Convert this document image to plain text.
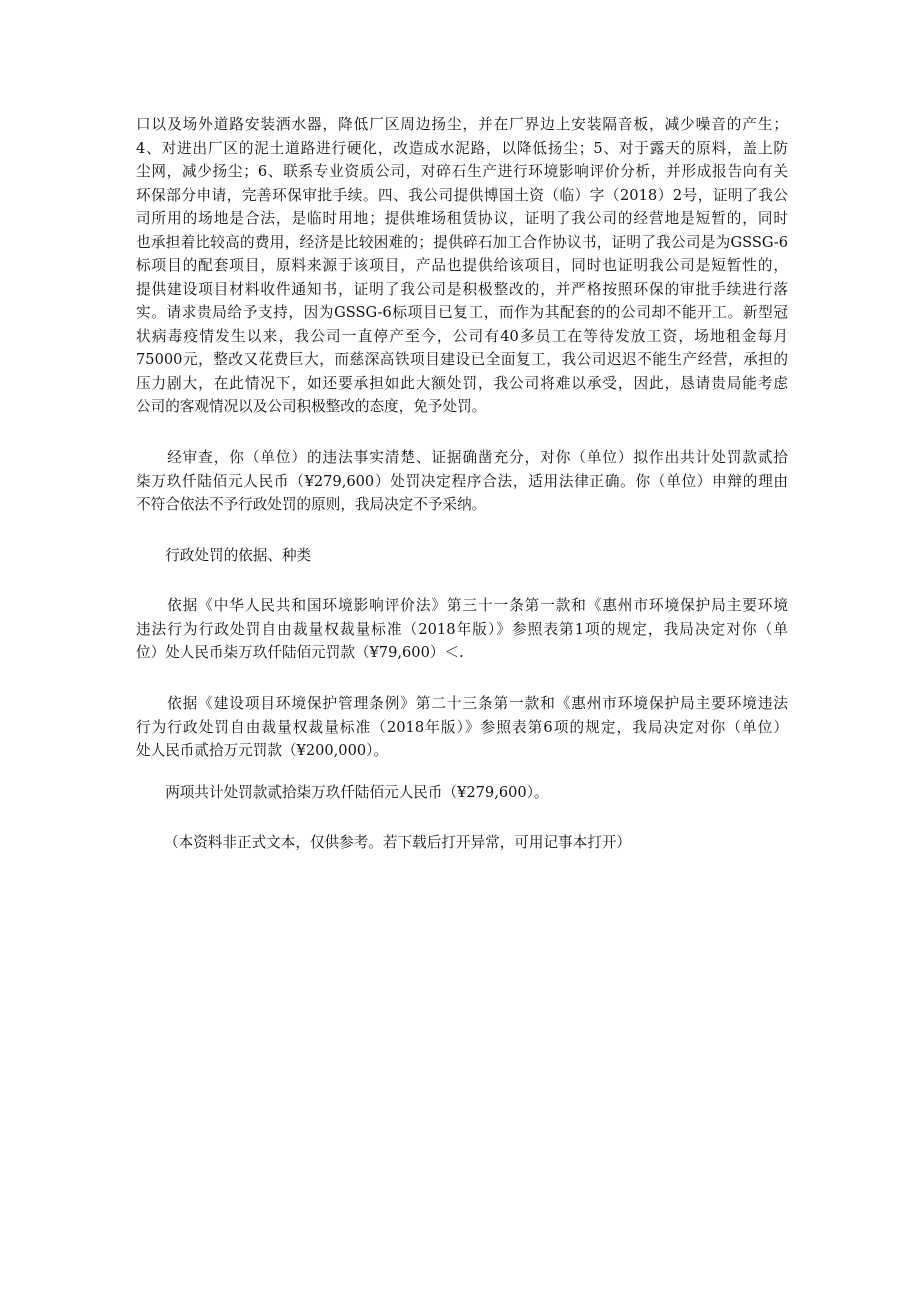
口以及场外道路安装洒水器，降低厂区周边扬尘，并在厂界边上安装隔音板，减少噪音的产生；
4、对进出厂区的泥土道路进行硬化，改造成水泥路，以降低扬尘；5、对于露天的原料，盖上防
尘网，减少扬尘；6、联系专业资质公司，对碎石生产进行环境影响评价分析，并形成报告向有关
环保部分申请，完善环保审批手续。四、我公司提供博国土资（临）字（2018）2号，证明了我公
司所用的场地是合法，是临时用地；提供堆场租赁协议，证明了我公司的经营地是短暂的，同时
也承担着比较高的费用，经济是比较困难的；提供碎石加工合作协议书，证明了我公司是为GSSG-6
标项目的配套项目，原料来源于该项目，产品也提供给该项目，同时也证明我公司是短暂性的，
提供建设项目材料收件通知书，证明了我公司是积极整改的，并严格按照环保的审批手续进行落
实。请求贵局给予支持，因为GSSG-6标项目已复工，而作为其配套的的公司却不能开工。新型冠
状病毒疫情发生以来，我公司一直停产至今，公司有40多员工在等待发放工资，场地租金每月
75000元，整改又花费巨大，而慈深高铁项目建设已全面复工，我公司迟迟不能生产经营，承担的
压力剧大，在此情况下，如还要承担如此大额处罚，我公司将难以承受，因此，恳请贵局能考虑
公司的客观情况以及公司积极整改的态度，免予处罚。
　　经审查，你（单位）的违法事实清楚、证据确凿充分，对你（单位）拟作出共计处罚款贰拾
柒万玖仟陆佰元人民币（¥279,600）处罚决定程序合法，适用法律正确。你（单位）申辩的理由
不符合依法不予行政处罚的原则，我局决定不予采纳。
　　行政处罚的依据、种类
　　依据《中华人民共和国环境影响评价法》第三十一条第一款和《惠州市环境保护局主要环境
违法行为行政处罚自由裁量权裁量标准（2018年版）》参照表第1项的规定，我局决定对你（单
位）处人民币柒万玖仟陆佰元罚款（¥79,600）＜.
　　依据《建设项目环境保护管理条例》第二十三条第一款和《惠州市环境保护局主要环境违法
行为行政处罚自由裁量权裁量标准（2018年版）》参照表第6项的规定，我局决定对你（单位）
处人民币贰拾万元罚款（¥200,000）。
　　两项共计处罚款贰拾柒万玖仟陆佰元人民币（¥279,600）。
（本资料非正式文本，仅供参考。若下载后打开异常，可用记事本打开）
